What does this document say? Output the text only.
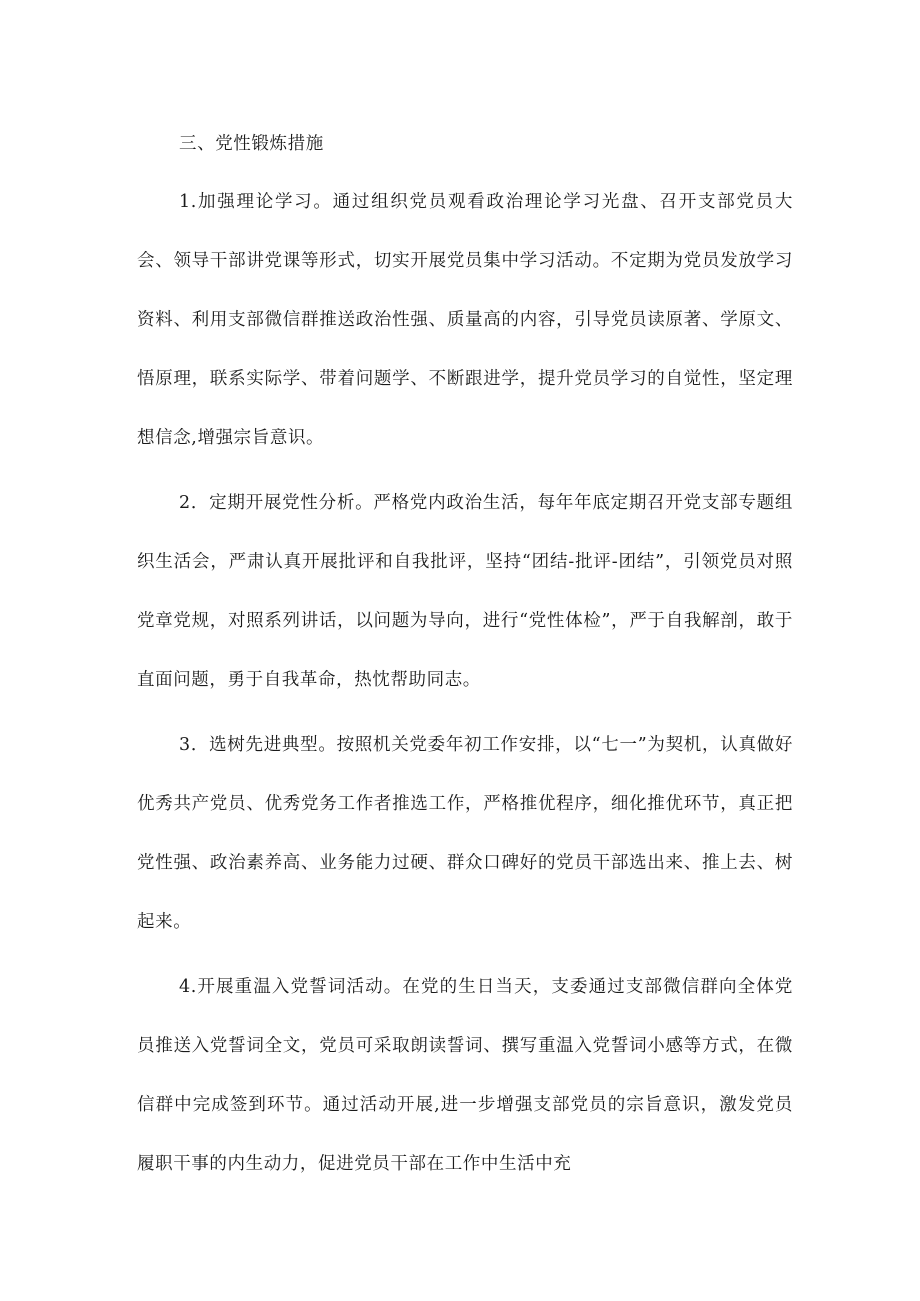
三、党性锻炼措施

1.加强理论学习。通过组织党员观看政治理论学习光盘、召开支部党员大会、领导干部讲党课等形式，切实开展党员集中学习活动。不定期为党员发放学习资料、利用支部微信群推送政治性强、质量高的内容，引导党员读原著、学原文、悟原理，联系实际学、带着问题学、不断跟进学，提升党员学习的自觉性，坚定理想信念,增强宗旨意识。

2．定期开展党性分析。严格党内政治生活，每年年底定期召开党支部专题组织生活会，严肃认真开展批评和自我批评，坚持“团结-批评-团结”，引领党员对照党章党规，对照系列讲话，以问题为导向，进行“党性体检”，严于自我解剖，敢于直面问题，勇于自我革命，热忱帮助同志。

3．选树先进典型。按照机关党委年初工作安排，以“七一”为契机，认真做好优秀共产党员、优秀党务工作者推选工作，严格推优程序，细化推优环节，真正把党性强、政治素养高、业务能力过硬、群众口碑好的党员干部选出来、推上去、树起来。

4.开展重温入党誓词活动。在党的生日当天，支委通过支部微信群向全体党员推送入党誓词全文，党员可采取朗读誓词、撰写重温入党誓词小感等方式，在微信群中完成签到环节。通过活动开展,进一步增强支部党员的宗旨意识，激发党员履职干事的内生动力，促进党员干部在工作中生活中充
